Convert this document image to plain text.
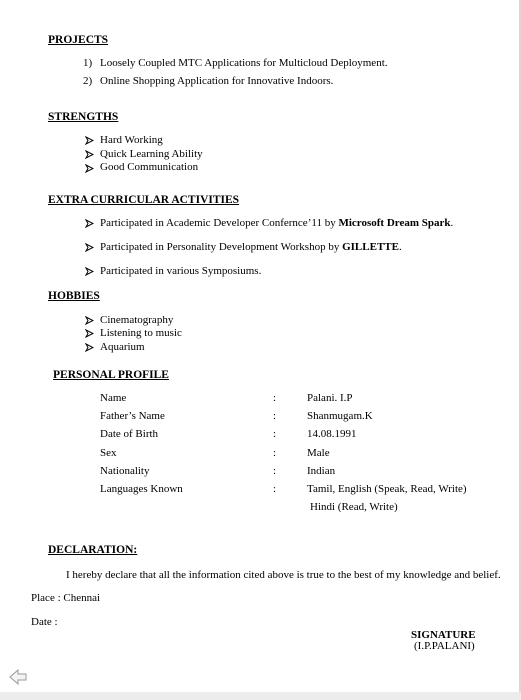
PROJECTS
1) Loosely Coupled MTC Applications for Multicloud Deployment.
2) Online Shopping Application for Innovative Indoors.
STRENGTHS
Hard Working
Quick Learning Ability
Good Communication
EXTRA CURRICULAR ACTIVITIES
Participated in Academic Developer Confernce’11 by Microsoft Dream Spark.
Participated in Personality Development Workshop by GILLETTE.
Participated in various Symposiums.
HOBBIES
Cinematography
Listening to music
Aquarium
PERSONAL PROFILE
Name	:	Palani. I.P
Father’s Name	:	Shanmugam.K
Date of Birth	:	14.08.1991
Sex	:	Male
Nationality	:	Indian
Languages Known	:	Tamil, English (Speak, Read, Write)
Hindi (Read, Write)
DECLARATION:
I hereby declare that all the information cited above is true to the best of my knowledge and belief.
Place : Chennai
Date :
SIGNATURE
(I.P.PALANI)
